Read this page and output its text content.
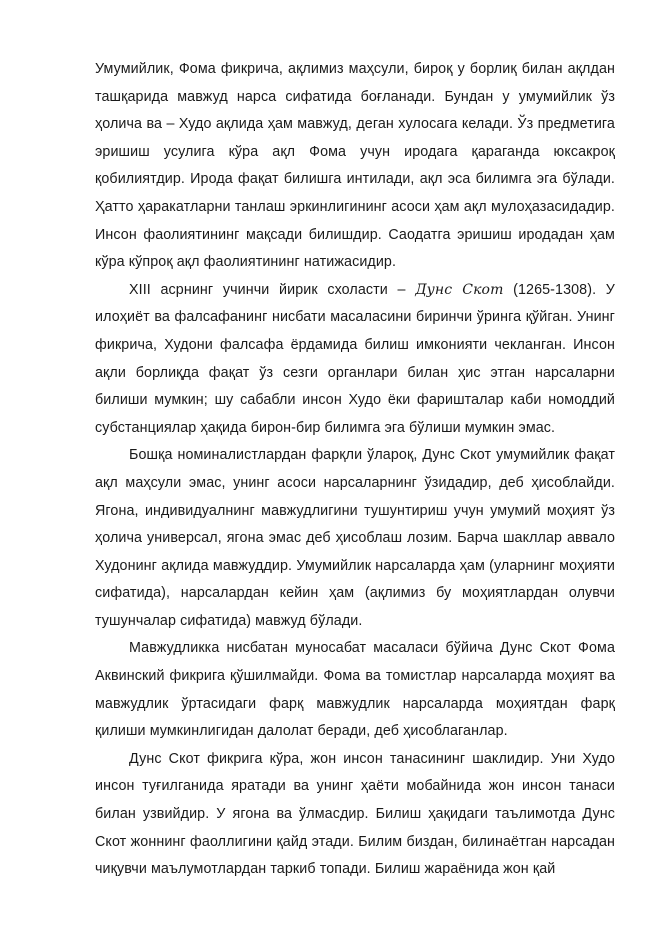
Умумийлик, Фома фикрича, ақлимиз маҳсули, бироқ у борлиқ билан ақлдан ташқарида мавжуд нарса сифатида боғланади. Бундан у умумийлик ўз ҳолича ва – Худо ақлида ҳам мавжуд, деган хулосага келади. Ўз предметига эришиш усулига кўра ақл Фома учун иродага қараганда юксакроқ қобилиятдир. Ирода фақат билишга интилади, ақл эса билимга эга бўлади. Ҳатто ҳаракатларни танлаш эркинлигининг асоси ҳам ақл мулоҳазасидадир. Инсон фаолиятининг мақсади билишдир. Саодатга эришиш иродадан ҳам кўра кўпроқ ақл фаолиятининг натижасидир.

XIII асрнинг учинчи йирик схоласти – Дунс Скот (1265-1308). У илоҳиёт ва фалсафанинг нисбати масаласини биринчи ўринга қўйган. Унинг фикрича, Худони фалсафа ёрдамида билиш имконияти чекланган. Инсон ақли борлиқда фақат ўз сезги органлари билан ҳис этган нарсаларни билиши мумкин; шу сабабли инсон Худо ёки фаришталар каби номоддий субстанциялар ҳақида бирон-бир билимга эга бўлиши мумкин эмас.

Бошқа номиналистлардан фарқли ўлароқ, Дунс Скот умумийлик фақат ақл маҳсули эмас, унинг асоси нарсаларнинг ўзидадир, деб ҳисоблайди. Ягона, индивидуалнинг мавжудлигини тушунтириш учун умумий моҳият ўз ҳолича универсал, ягона эмас деб ҳисоблаш лозим. Барча шакллар аввало Худонинг ақлида мавжуддир. Умумийлик нарсаларда ҳам (уларнинг моҳияти сифатида), нарсалардан кейин ҳам (ақлимиз бу моҳиятлардан олувчи тушунчалар сифатида) мавжуд бўлади.

Мавжудликка нисбатан муносабат масаласи бўйича Дунс Скот Фома Аквинский фикрига қўшилмайди. Фома ва томистлар нарсаларда моҳият ва мавжудлик ўртасидаги фарқ мавжудлик нарсаларда моҳиятдан фарқ қилиши мумкинлигидан далолат беради, деб ҳисоблаганлар.

Дунс Скот фикрига кўра, жон инсон танасининг шаклидир. Уни Худо инсон туғилганида яратади ва унинг ҳаёти мобайнида жон инсон танаси билан узвийдир. У ягона ва ўлмасдир. Билиш ҳақидаги таълимотда Дунс Скот жоннинг фаоллигини қайд этади. Билим биздан, билинаётган нарсадан чиқувчи маълумотлардан таркиб топади. Билиш жараёнида жон қай
